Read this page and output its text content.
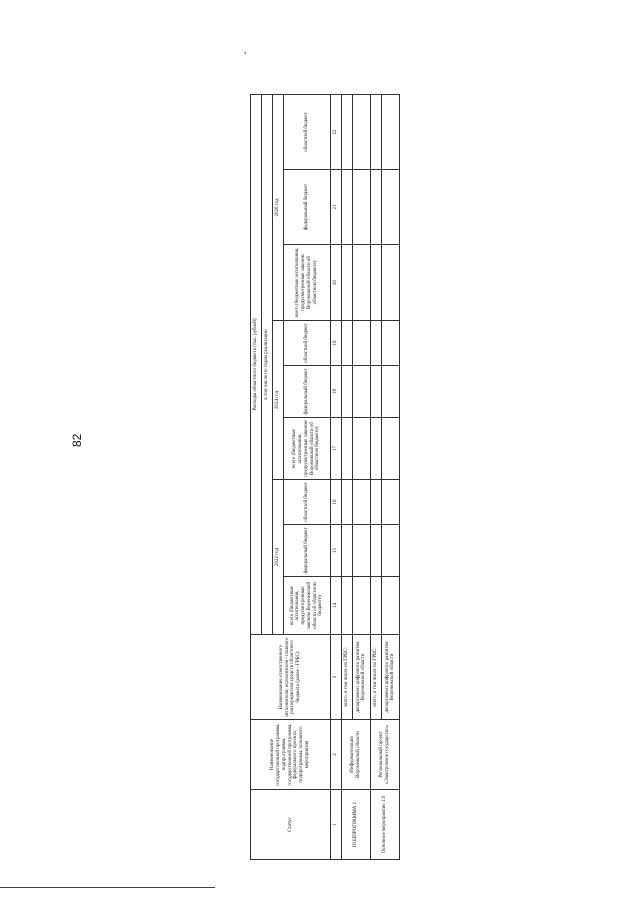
82
₄
Статус	Наименование государственной программы, подпрограммы государственной программы, федерального проекта, подпрограммы, основного мероприятия	Наименование ответственного исполнителя, исполнителя - главного распорядителя средств областного бюджета (далее - ГРБС)	Расходы областного бюджета (тыс. рублей)								
			в том числе по годам реализации								
			2022 год			2024 год			2026 год		
			всего (бюджетные ассигнования, предусмотренные законом Воронежской области об областном бюджете)	федеральный бюджет	областной бюджет	всего (бюджетные ассигнования, предусмотренные законом Воронежской области об областном бюджете)	федеральный бюджет	областной бюджет	всего (бюджетные ассигнования, предусмотренные законом Воронежской области об областном бюджете)	федеральный бюджет	областной бюджет
1	2	3	14	15	16	17	18	19	20	21	22
ПОДПРОГРАММА 1	Информатизация Воронежской области	всего, в том числе по ГРБС:									
		департамент цифрового развития Воронежской области									
Основное мероприятие 1.9	Региональный проект «Электронное государство»	всего, в том числе по ГРБС:									
		департамент цифрового развития Воронежской области									
